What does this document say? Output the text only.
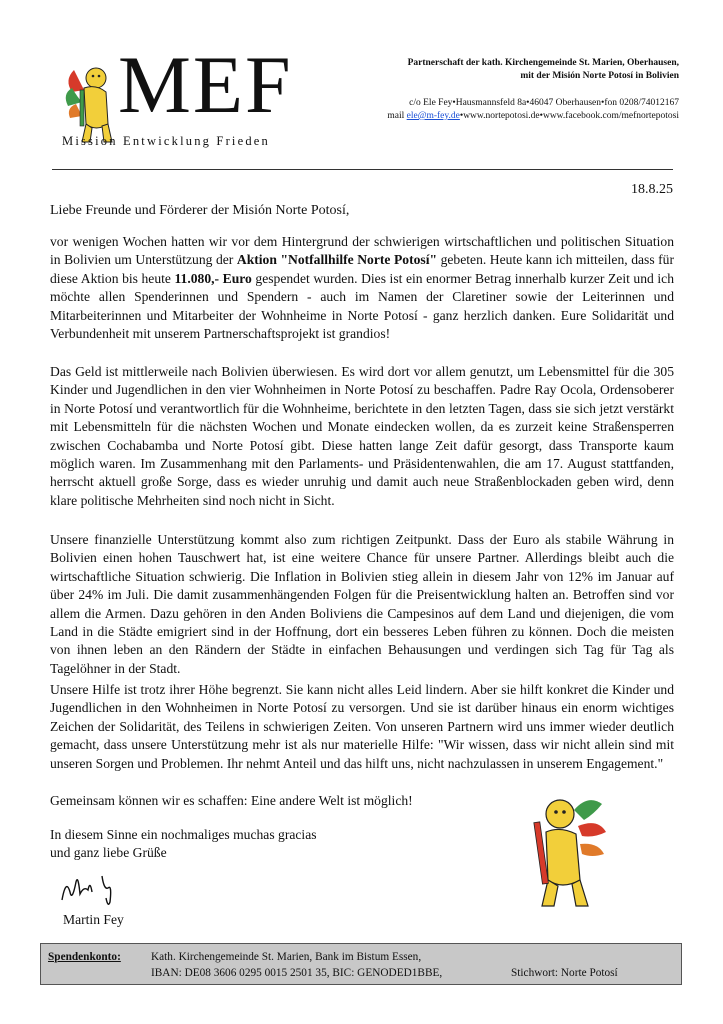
MEF
Mission Entwicklung Frieden
Partnerschaft der kath. Kirchengemeinde St. Marien, Oberhausen,
mit der Misión Norte Potosí in Bolivien
c/o Ele Fey•Hausmannsfeld 8a•46047 Oberhausen•fon 0208/74012167
mail ele@m-fey.de•www.nortepotosi.de•www.facebook.com/mefnortepotosi
18.8.25
Liebe Freunde und Förderer der Misión Norte Potosí,
vor wenigen Wochen hatten wir vor dem Hintergrund der schwierigen wirtschaftlichen und politischen Situation in Bolivien um Unterstützung der Aktion "Notfallhilfe Norte Potosí" gebeten. Heute kann ich mitteilen, dass für diese Aktion bis heute 11.080,- Euro gespendet wurden. Dies ist ein enormer Betrag innerhalb kurzer Zeit und ich möchte allen Spenderinnen und Spendern - auch im Namen der Claretiner sowie der Leiterinnen und Mitarbeiterinnen und Mitarbeiter der Wohnheime in Norte Potosí - ganz herzlich danken. Eure Solidarität und Verbundenheit mit unserem Partnerschaftsprojekt ist grandios!
Das Geld ist mittlerweile nach Bolivien überwiesen. Es wird dort vor allem genutzt, um Lebensmittel für die 305 Kinder und Jugendlichen in den vier Wohnheimen in Norte Potosí zu beschaffen. Padre Ray Ocola, Ordensoberer in Norte Potosí und verantwortlich für die Wohnheime, berichtete in den letzten Tagen, dass sie sich jetzt verstärkt mit Lebensmitteln für die nächsten Wochen und Monate eindecken wollen, da es zurzeit keine Straßensperren zwischen Cochabamba und Norte Potosí gibt. Diese hatten lange Zeit dafür gesorgt, dass Transporte kaum möglich waren. Im Zusammenhang mit den Parlaments- und Präsidentenwahlen, die am 17. August stattfanden, herrscht aktuell große Sorge, dass es wieder unruhig und damit auch neue Straßenblockaden geben wird, denn klare politische Mehrheiten sind noch nicht in Sicht.
Unsere finanzielle Unterstützung kommt also zum richtigen Zeitpunkt. Dass der Euro als stabile Währung in Bolivien einen hohen Tauschwert hat, ist eine weitere Chance für unsere Partner. Allerdings bleibt auch die wirtschaftliche Situation schwierig. Die Inflation in Bolivien stieg allein in diesem Jahr von 12% im Januar auf über 24% im Juli. Die damit zusammenhängenden Folgen für die Preisentwicklung halten an. Betroffen sind vor allem die Armen. Dazu gehören in den Anden Boliviens die Campesinos auf dem Land und diejenigen, die vom Land in die Städte emigriert sind in der Hoffnung, dort ein besseres Leben führen zu können. Doch die meisten von ihnen leben an den Rändern der Städte in einfachen Behausungen und verdingen sich Tag für Tag als Tagelöhner in der Stadt.
Unsere Hilfe ist trotz ihrer Höhe begrenzt. Sie kann nicht alles Leid lindern. Aber sie hilft konkret die Kinder und Jugendlichen in den Wohnheimen in Norte Potosí zu versorgen. Und sie ist darüber hinaus ein enorm wichtiges Zeichen der Solidarität, des Teilens in schwierigen Zeiten. Von unseren Partnern wird uns immer wieder deutlich gemacht, dass unsere Unterstützung mehr ist als nur materielle Hilfe: "Wir wissen, dass wir nicht allein sind mit unseren Sorgen und Problemen. Ihr nehmt Anteil und das hilft uns, nicht nachzulassen in unserem Engagement."
Gemeinsam können wir es schaffen: Eine andere Welt ist möglich!
In diesem Sinne ein nochmaliges muchas gracias
und ganz liebe Grüße
Martin Fey
Spendenkonto:	Kath. Kirchengemeinde St. Marien, Bank im Bistum Essen,
IBAN: DE08 3606 0295 0015 2501 35, BIC: GENODED1BBE,	Stichwort: Norte Potosí
